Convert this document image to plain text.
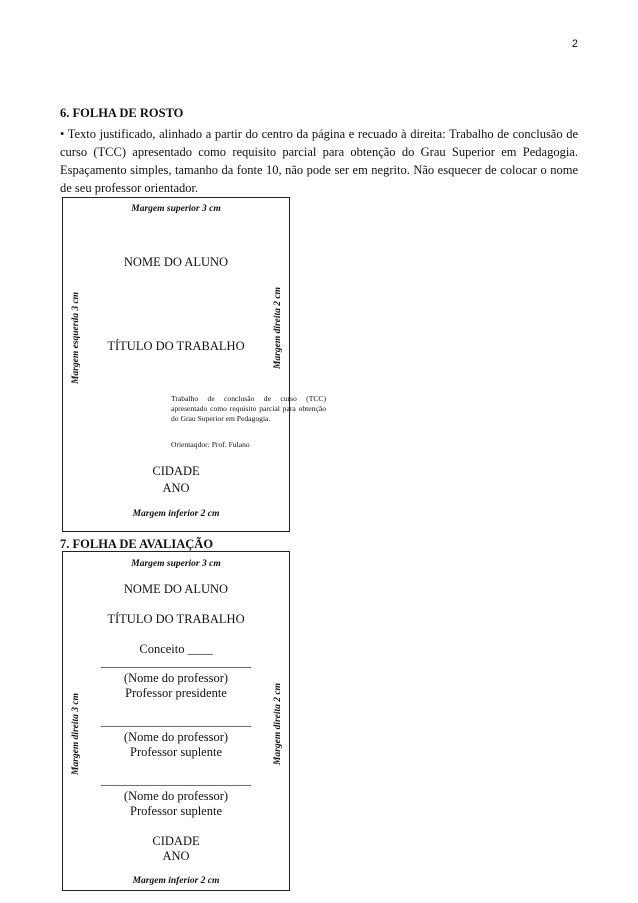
2
6. FOLHA DE ROSTO
• Texto justificado, alinhado a partir do centro da página e recuado à direita: Trabalho de conclusão de curso (TCC) apresentado como requisito parcial para obtenção do Grau Superior em Pedagogia. Espaçamento simples, tamanho da fonte 10, não pode ser em negrito. Não esquecer de colocar o nome de seu professor orientador.
Margem superior 3 cm
NOME DO ALUNO
TÍTULO DO TRABALHO
Margem esquerda 3 cm	Margem direita 2 cm
Trabalho de conclusão de curso (TCC) apresentado como requisito parcial para obtenção do Grau Superior em Pedagogia.
Orientaqdor: Prof. Fulano
CIDADE
ANO
Margem inferior 2 cm
7. FOLHA DE AVALIAÇÃO
Margem superior 3 cm
NOME DO ALUNO
TÍTULO DO TRABALHO
Conceito ____
________________________
(Nome do professor)
Professor presidente
________________________
(Nome do professor)
Professor suplente
________________________
(Nome do professor)
Professor suplente
Margem direita 3 cm	Margem direita 2 cm
CIDADE
ANO
Margem inferior 2 cm
